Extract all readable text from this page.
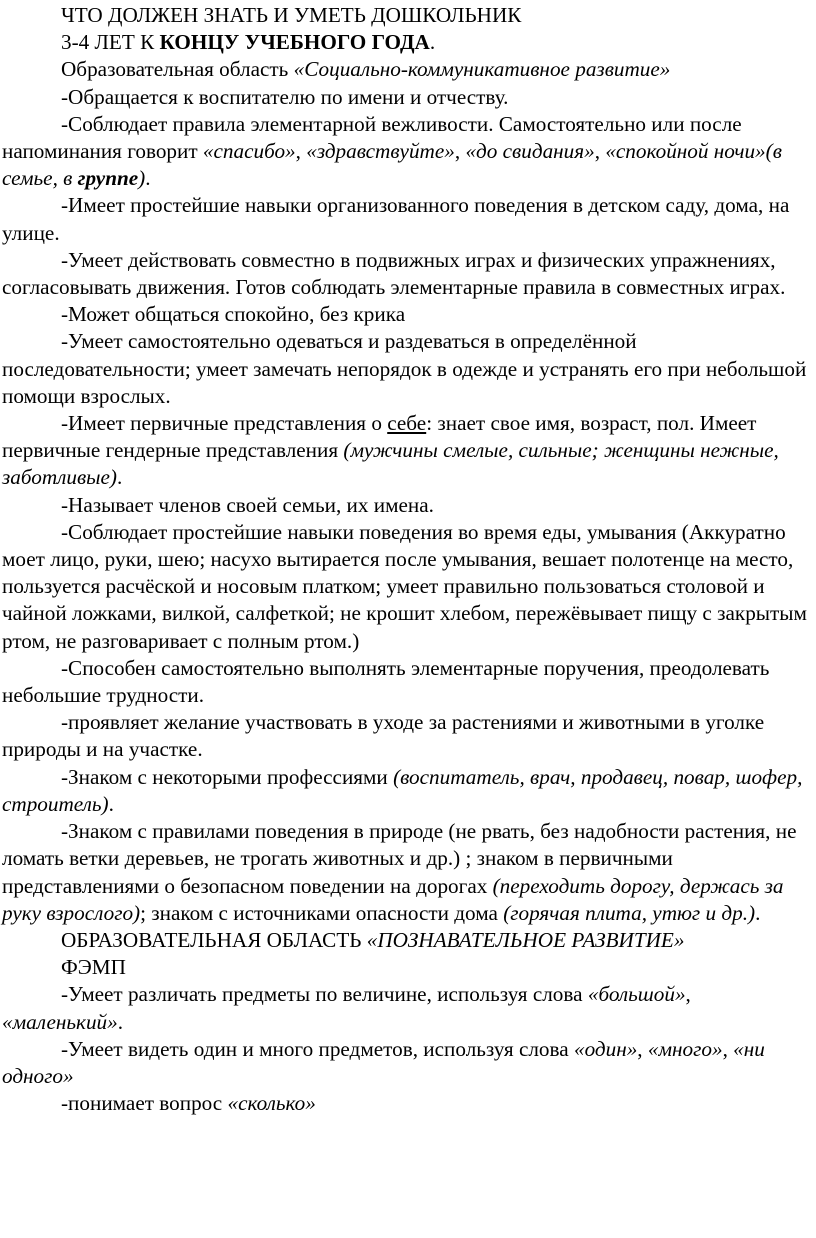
ЧТО ДОЛЖЕН ЗНАТЬ И УМЕТЬ ДОШКОЛЬНИК

3-4 ЛЕТ К КОНЦУ УЧЕБНОГО ГОДА.

Образовательная область «Социально-коммуникативное развитие»

-Обращается к воспитателю по имени и отчеству.

-Соблюдает правила элементарной вежливости. Самостоятельно или после напоминания говорит «спасибо», «здравствуйте», «до свидания», «спокойной ночи»(в семье, в группе).

-Имеет простейшие навыки организованного поведения в детском саду, дома, на улице.

-Умеет действовать совместно в подвижных играх и физических упражнениях, согласовывать движения. Готов соблюдать элементарные правила в совместных играх.

-Может общаться спокойно, без крика

-Умеет самостоятельно одеваться и раздеваться в определённой последовательности; умеет замечать непорядок в одежде и устранять его при небольшой помощи взрослых.

-Имеет первичные представления о себе: знает свое имя, возраст, пол. Имеет первичные гендерные представления (мужчины смелые, сильные; женщины нежные, заботливые).

-Называет членов своей семьи, их имена.

-Соблюдает простейшие навыки поведения во время еды, умывания (Аккуратно моет лицо, руки, шею; насухо вытирается после умывания, вешает полотенце на место, пользуется расчёской и носовым платком; умеет правильно пользоваться столовой и чайной ложками, вилкой, салфеткой; не крошит хлебом, пережёвывает пищу с закрытым ртом, не разговаривает с полным ртом.)

-Способен самостоятельно выполнять элементарные поручения, преодолевать небольшие трудности.

-проявляет желание участвовать в уходе за растениями и животными в уголке природы и на участке.

-Знаком с некоторыми профессиями (воспитатель, врач, продавец, повар, шофер, строитель).

-Знаком с правилами поведения в природе (не рвать, без надобности растения, не ломать ветки деревьев, не трогать животных и др.) ; знаком в первичными представлениями о безопасном поведении на дорогах (переходить дорогу, держась за руку взрослого); знаком с источниками опасности дома (горячая плита, утюг и др.).

ОБРАЗОВАТЕЛЬНАЯ ОБЛАСТЬ «ПОЗНАВАТЕЛЬНОЕ РАЗВИТИЕ»

ФЭМП

-Умеет различать предметы по величине, используя слова «большой», «маленький».

-Умеет видеть один и много предметов, используя слова «один», «много», «ни одного»

-понимает вопрос «сколько»
